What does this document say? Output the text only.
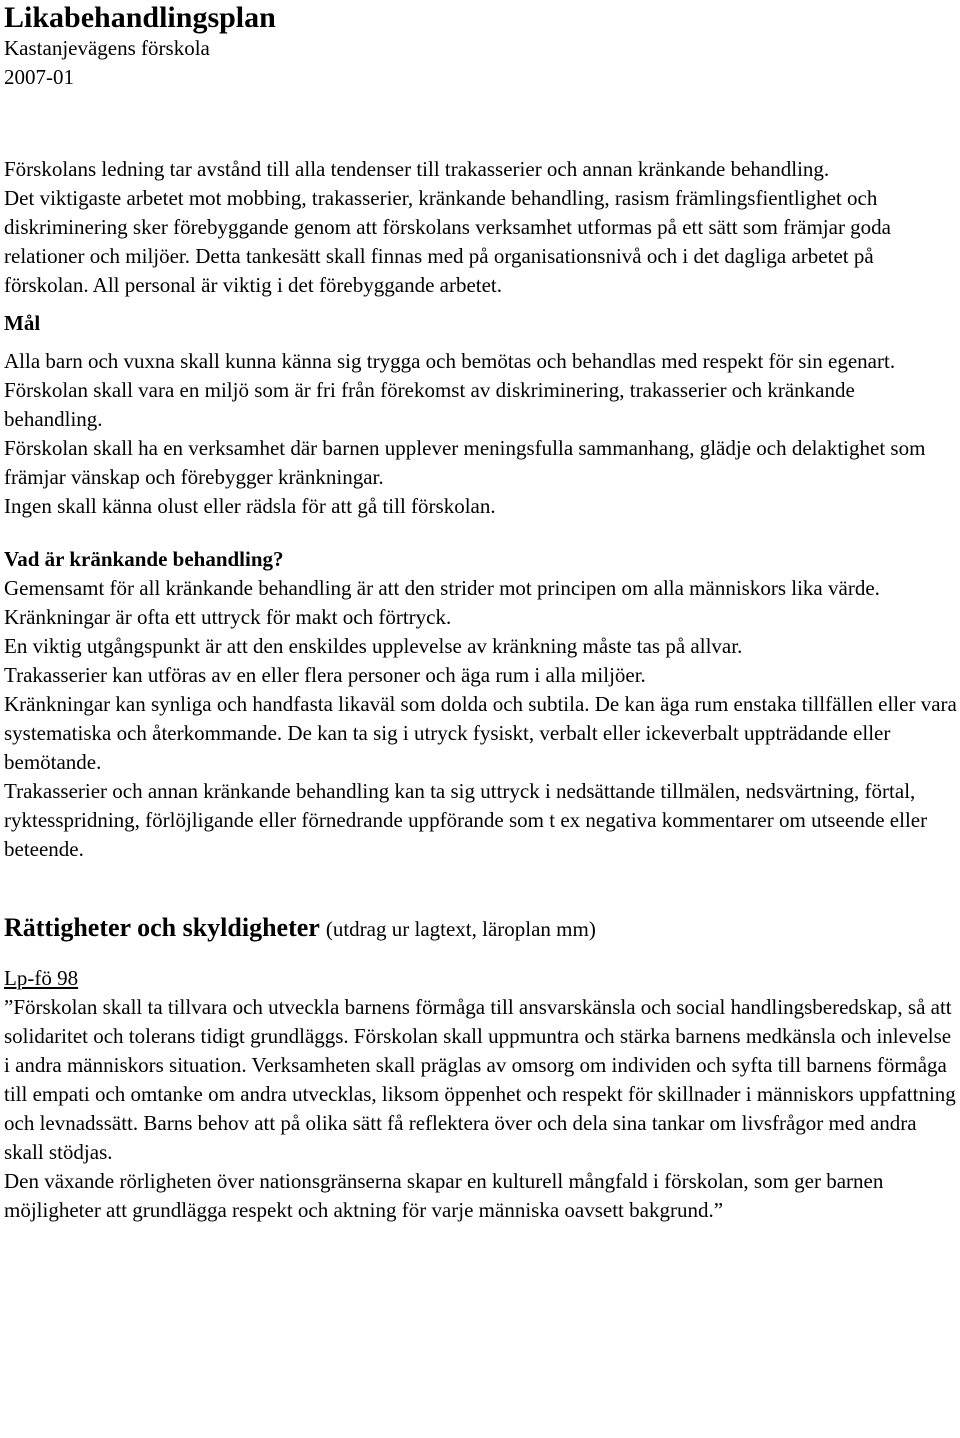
Likabehandlingsplan

Kastanjevägens förskola

2007-01

Förskolans ledning tar avstånd till alla tendenser till trakasserier och annan kränkande behandling.

Det viktigaste arbetet mot mobbing, trakasserier, kränkande behandling, rasism främlingsfientlighet och diskriminering sker förebyggande genom att förskolans verksamhet utformas på ett sätt som främjar goda relationer och miljöer. Detta tankesätt skall finnas med på organisationsnivå och i det dagliga arbetet på förskolan. All personal är viktig i det förebyggande arbetet.

Mål

Alla barn och vuxna skall kunna känna sig trygga och bemötas och behandlas med respekt för sin egenart.

Förskolan skall vara en miljö som är fri från förekomst av diskriminering, trakasserier och kränkande behandling.

Förskolan skall ha en verksamhet där barnen upplever meningsfulla sammanhang, glädje och delaktighet som främjar vänskap och förebygger kränkningar.

Ingen skall känna olust eller rädsla för att gå till förskolan.

Vad är kränkande behandling?

Gemensamt för all kränkande behandling är att den strider mot principen om alla människors lika värde.

Kränkningar är ofta ett uttryck för makt och förtryck.

En viktig utgångspunkt är att den enskildes upplevelse av kränkning måste tas på allvar.

Trakasserier kan utföras av en eller flera personer och äga rum i alla miljöer.

Kränkningar kan synliga och handfasta likaväl som dolda och subtila. De kan äga rum enstaka tillfällen eller vara systematiska och återkommande. De kan ta sig i utryck fysiskt, verbalt eller ickeverbalt uppträdande eller bemötande.

Trakasserier och annan kränkande behandling kan ta sig uttryck i nedsättande tillmälen, nedsvärtning, förtal, ryktesspridning, förlöjligande eller förnedrande uppförande som t ex negativa kommentarer om utseende eller beteende.

Rättigheter och skyldigheter (utdrag ur lagtext, läroplan mm)

Lp-fö 98

”Förskolan skall ta tillvara och utveckla barnens förmåga till ansvarskänsla och social handlingsberedskap, så att solidaritet och tolerans tidigt grundläggs. Förskolan skall uppmuntra och stärka barnens medkänsla och inlevelse i andra människors situation. Verksamheten skall präglas av omsorg om individen och syfta till barnens förmåga till empati och omtanke om andra utvecklas, liksom öppenhet och respekt för skillnader i människors uppfattning och levnadssätt. Barns behov att på olika sätt få reflektera över och dela sina tankar om livsfrågor med andra skall stödjas.

Den växande rörligheten över nationsgränserna skapar en kulturell mångfald i förskolan, som ger barnen möjligheter att grundlägga respekt och aktning för varje människa oavsett bakgrund.”
